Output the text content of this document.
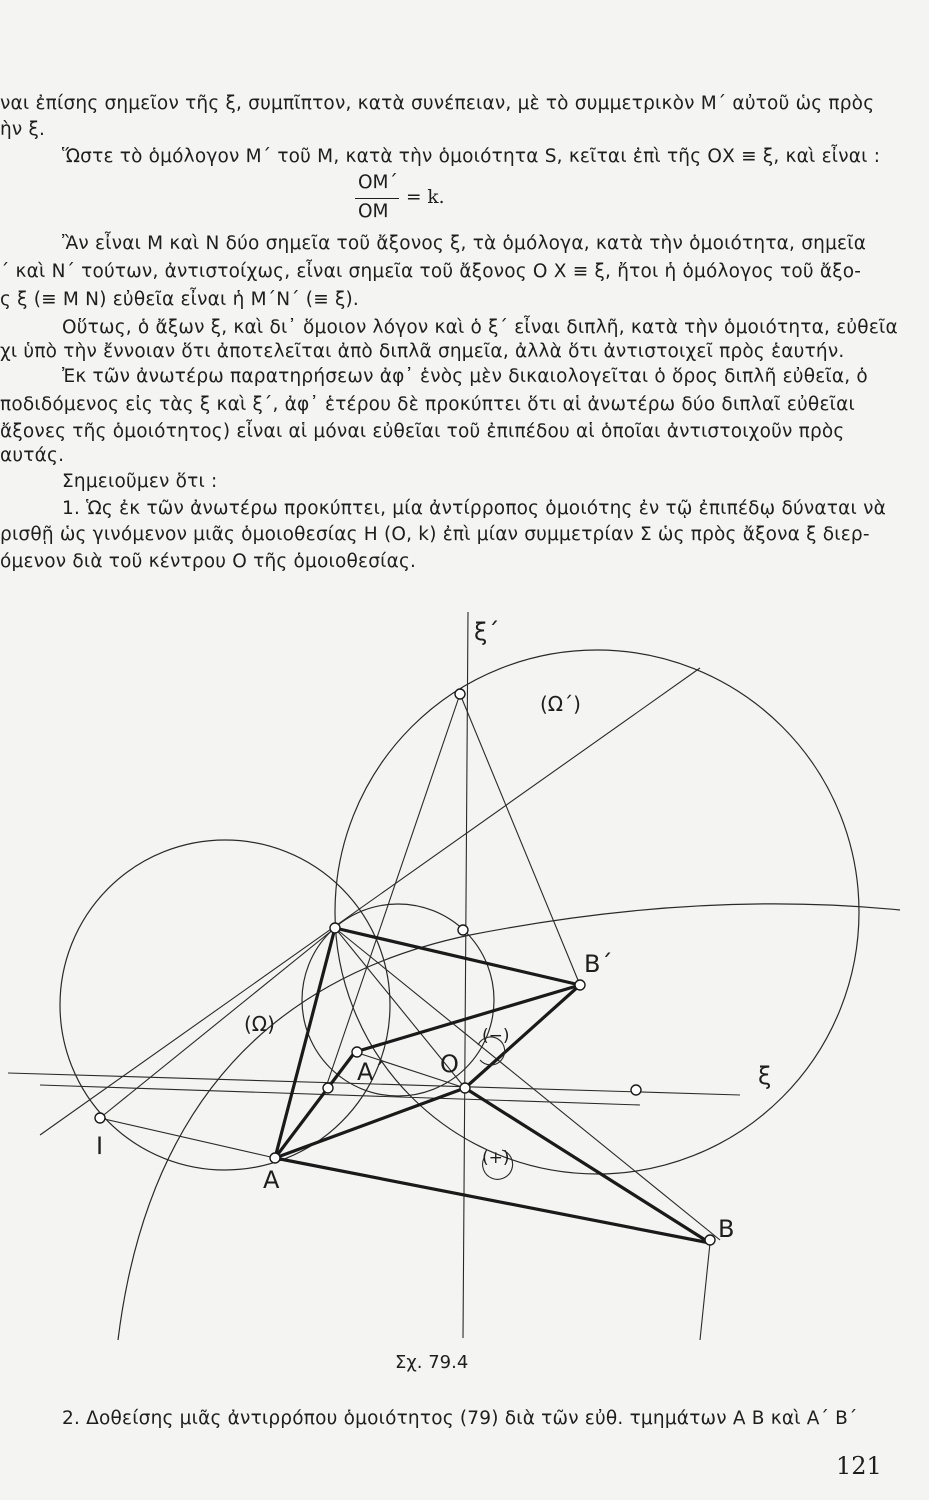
ναι ἐπίσης σημεῖον τῆς ξ, συμπῖπτον, κατὰ συνέπειαν, μὲ τὸ συμμετρικὸν Μ΄ αὐτοῦ ὡς πρὸς
ὴν ξ.
Ὥστε τὸ ὁμόλογον Μ΄ τοῦ Μ, κατὰ τὴν ὁμοιότητα S, κεῖται ἐπὶ τῆς ΟΧ ≡ ξ, καὶ εἶναι :
ΟΜ΄
ΟΜ
= k.
Ἂν εἶναι Μ καὶ Ν δύο σημεῖα τοῦ ἄξονος ξ, τὰ ὁμόλογα, κατὰ τὴν ὁμοιότητα, σημεῖα
΄ καὶ Ν΄ τούτων, ἀντιστοίχως, εἶναι σημεῖα τοῦ ἄξονος Ο Χ ≡ ξ, ἤτοι ἡ ὁμόλογος τοῦ ἄξο-
ς ξ (≡ Μ Ν) εὐθεῖα εἶναι ἡ Μ΄Ν΄ (≡ ξ).
Οὕτως, ὁ ἄξων ξ, καὶ δι᾽ ὅμοιον λόγον καὶ ὁ ξ΄ εἶναι διπλῆ, κατὰ τὴν ὁμοιότητα, εὐθεῖα
χι ὑπὸ τὴν ἔννοιαν ὅτι ἀποτελεῖται ἀπὸ διπλᾶ σημεῖα, ἀλλὰ ὅτι ἀντιστοιχεῖ πρὸς ἑαυτήν.
Ἐκ τῶν ἀνωτέρω παρατηρήσεων ἀφ᾽ ἑνὸς μὲν δικαιολογεῖται ὁ ὅρος διπλῆ εὐθεῖα, ὁ
ποδιδόμενος εἰς τὰς ξ καὶ ξ΄, ἀφ᾽ ἑτέρου δὲ προκύπτει ὅτι αἱ ἀνωτέρω δύο διπλαῖ εὐθεῖαι
ἄξονες τῆς ὁμοιότητος) εἶναι αἱ μόναι εὐθεῖαι τοῦ ἐπιπέδου αἱ ὁποῖαι ἀντιστοιχοῦν πρὸς
αυτάς.
Σημειοῦμεν ὅτι :
1. Ὡς ἐκ τῶν ἀνωτέρω προκύπτει, μία ἀντίρροπος ὁμοιότης ἐν τῷ ἐπιπέδῳ δύναται νὰ
ρισθῇ ὡς γινόμενον μιᾶς ὁμοιοθεσίας H (O, k) ἐπὶ μίαν συμμετρίαν Σ ὡς πρὸς ἄξονα ξ διερ-
όμενον διὰ τοῦ κέντρου Ο τῆς ὁμοιοθεσίας.
ξ΄
ξ
(Ω΄)
(Ω)
Β΄
Α΄ Ο
Ι
Α
Β
(−)
(+)
Σχ. 79.4
2. Δοθείσης μιᾶς ἀντιρρόπου ὁμοιότητος (79) διὰ τῶν εὐθ. τμημάτων Α Β καὶ Α΄ Β΄
121
